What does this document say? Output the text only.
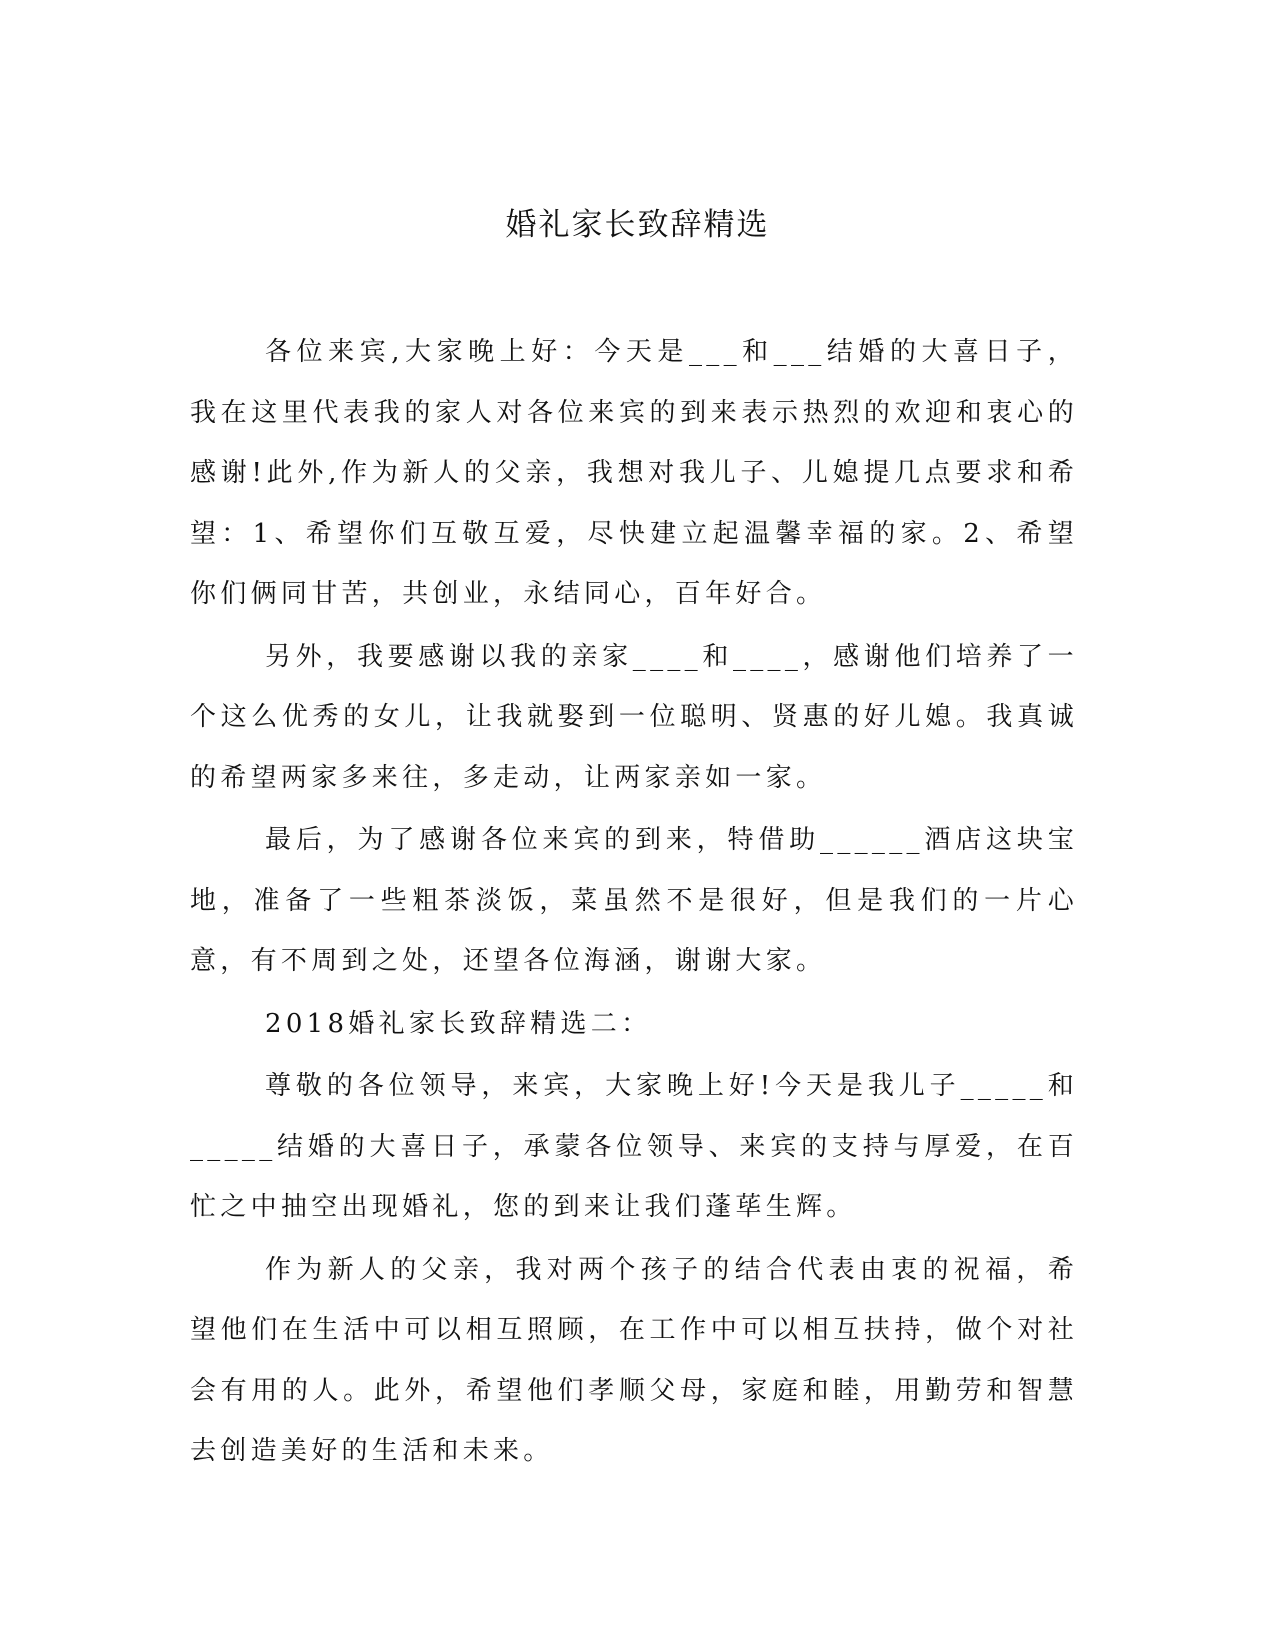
婚礼家长致辞精选

各位来宾,大家晚上好：今天是___和___结婚的大喜日子，我在这里代表我的家人对各位来宾的到来表示热烈的欢迎和衷心的感谢!此外,作为新人的父亲，我想对我儿子、儿媳提几点要求和希望：1、希望你们互敬互爱，尽快建立起温馨幸福的家。2、希望你们俩同甘苦，共创业，永结同心，百年好合。

另外，我要感谢以我的亲家____和____，感谢他们培养了一个这么优秀的女儿，让我就娶到一位聪明、贤惠的好儿媳。我真诚的希望两家多来往，多走动，让两家亲如一家。

最后，为了感谢各位来宾的到来，特借助______酒店这块宝地，准备了一些粗茶淡饭，菜虽然不是很好，但是我们的一片心意，有不周到之处，还望各位海涵，谢谢大家。

2018婚礼家长致辞精选二：

尊敬的各位领导，来宾，大家晚上好!今天是我儿子_____和_____结婚的大喜日子，承蒙各位领导、来宾的支持与厚爱，在百忙之中抽空出现婚礼，您的到来让我们蓬荜生辉。

作为新人的父亲，我对两个孩子的结合代表由衷的祝福，希望他们在生活中可以相互照顾，在工作中可以相互扶持，做个对社会有用的人。此外，希望他们孝顺父母，家庭和睦，用勤劳和智慧去创造美好的生活和未来。
